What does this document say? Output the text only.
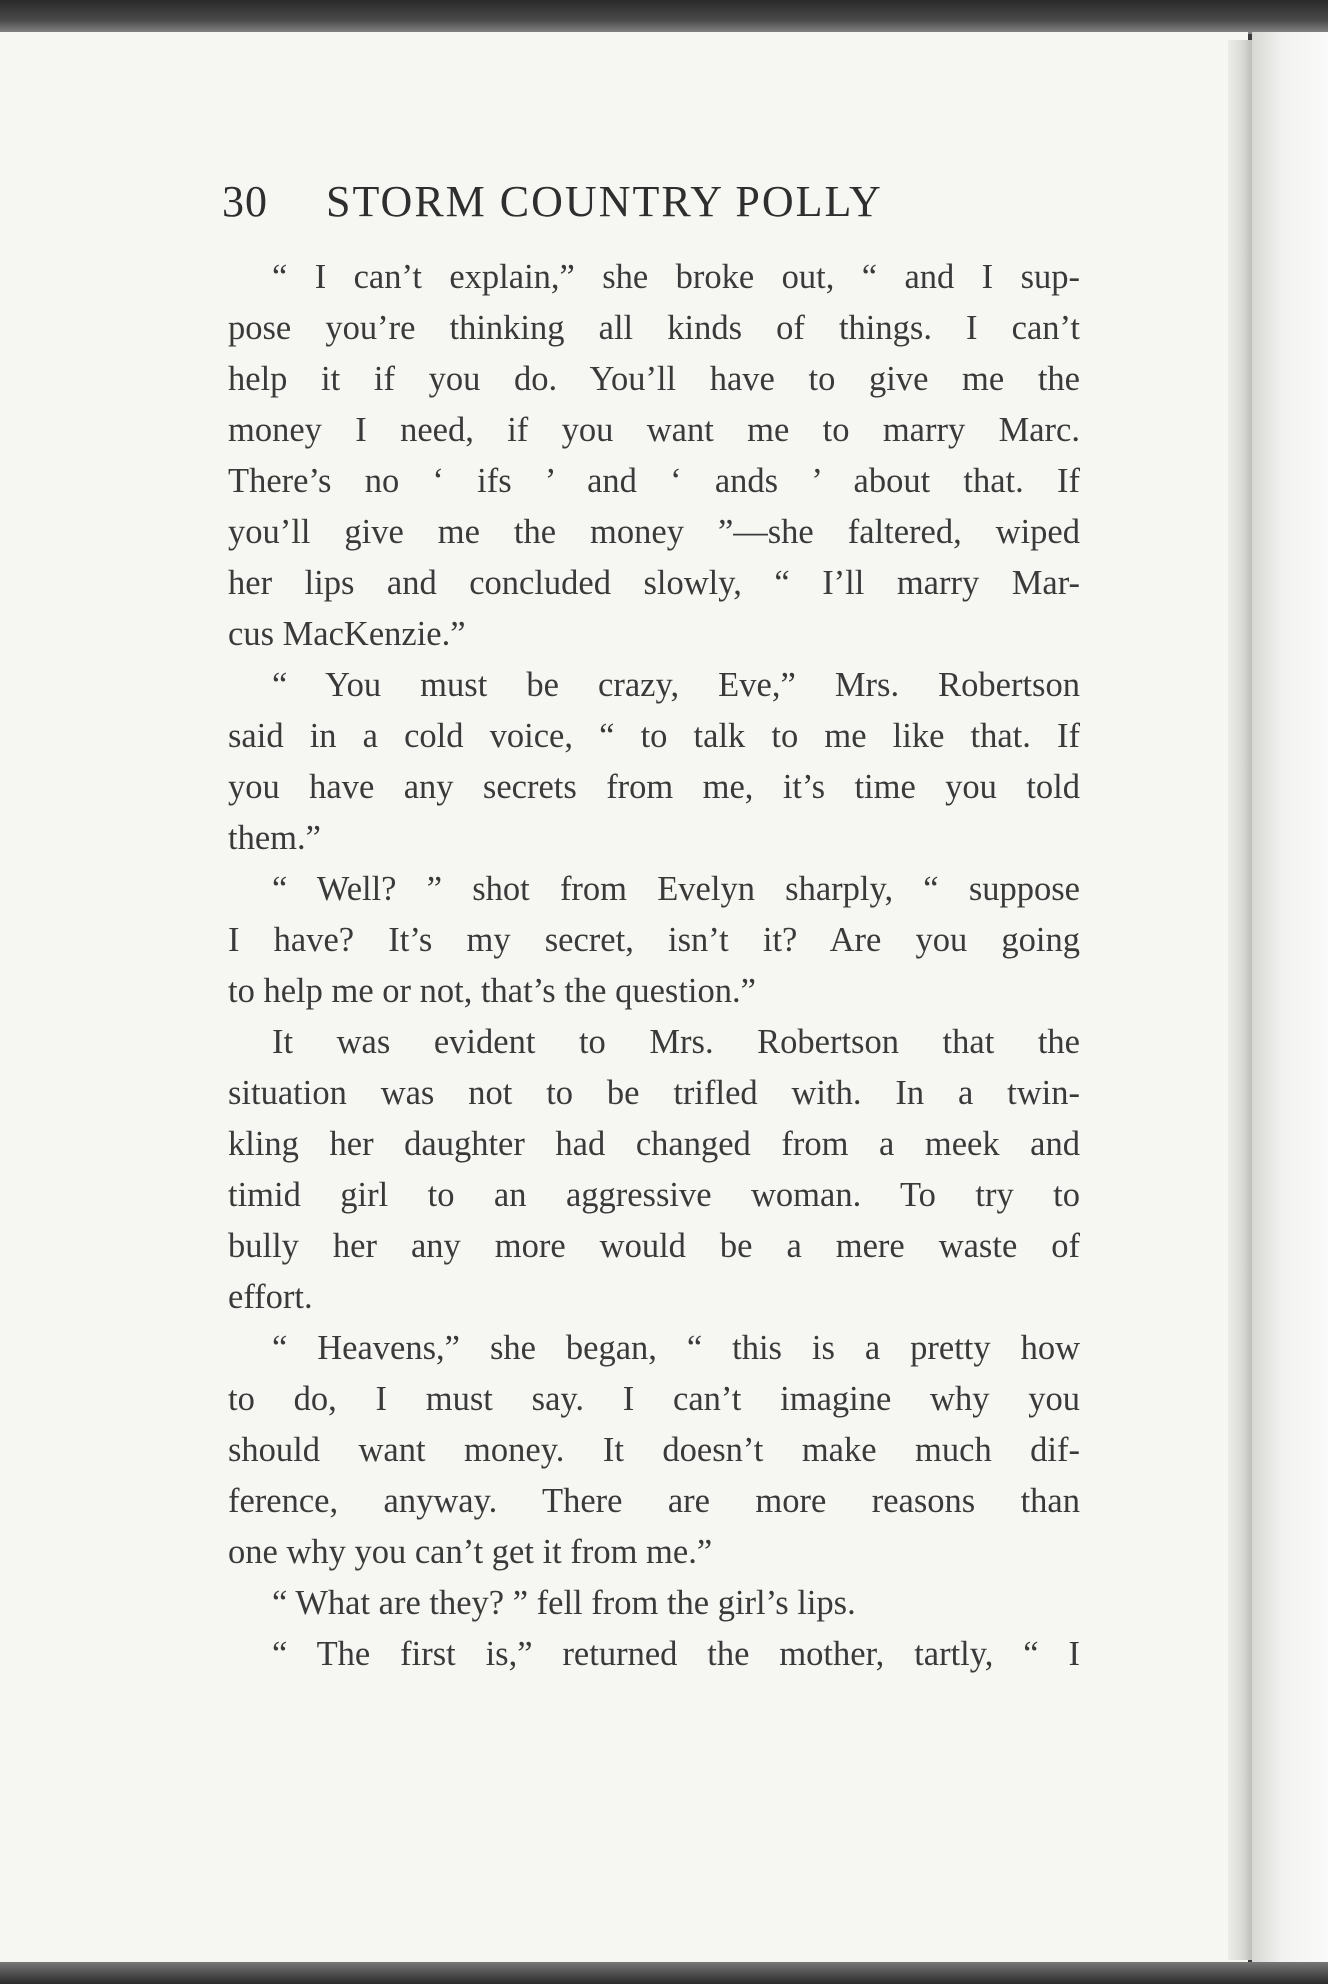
30 STORM COUNTRY POLLY
“ I can’t explain,” she broke out, “ and I sup-
pose you’re thinking all kinds of things. I can’t
help it if you do. You’ll have to give me the
money I need, if you want me to marry Marc.
There’s no ‘ ifs ’ and ‘ ands ’ about that. If
you’ll give me the money ”—she faltered, wiped
her lips and concluded slowly, “ I’ll marry Mar-
cus MacKenzie.”
“ You must be crazy, Eve,” Mrs. Robertson
said in a cold voice, “ to talk to me like that. If
you have any secrets from me, it’s time you told
them.”
“ Well? ” shot from Evelyn sharply, “ suppose
I have? It’s my secret, isn’t it? Are you going
to help me or not, that’s the question.”
It was evident to Mrs. Robertson that the
situation was not to be trifled with. In a twin-
kling her daughter had changed from a meek and
timid girl to an aggressive woman. To try to
bully her any more would be a mere waste of
effort.
“ Heavens,” she began, “ this is a pretty how
to do, I must say. I can’t imagine why you
should want money. It doesn’t make much dif-
ference, anyway. There are more reasons than
one why you can’t get it from me.”
“ What are they? ” fell from the girl’s lips.
“ The first is,” returned the mother, tartly, “ I
